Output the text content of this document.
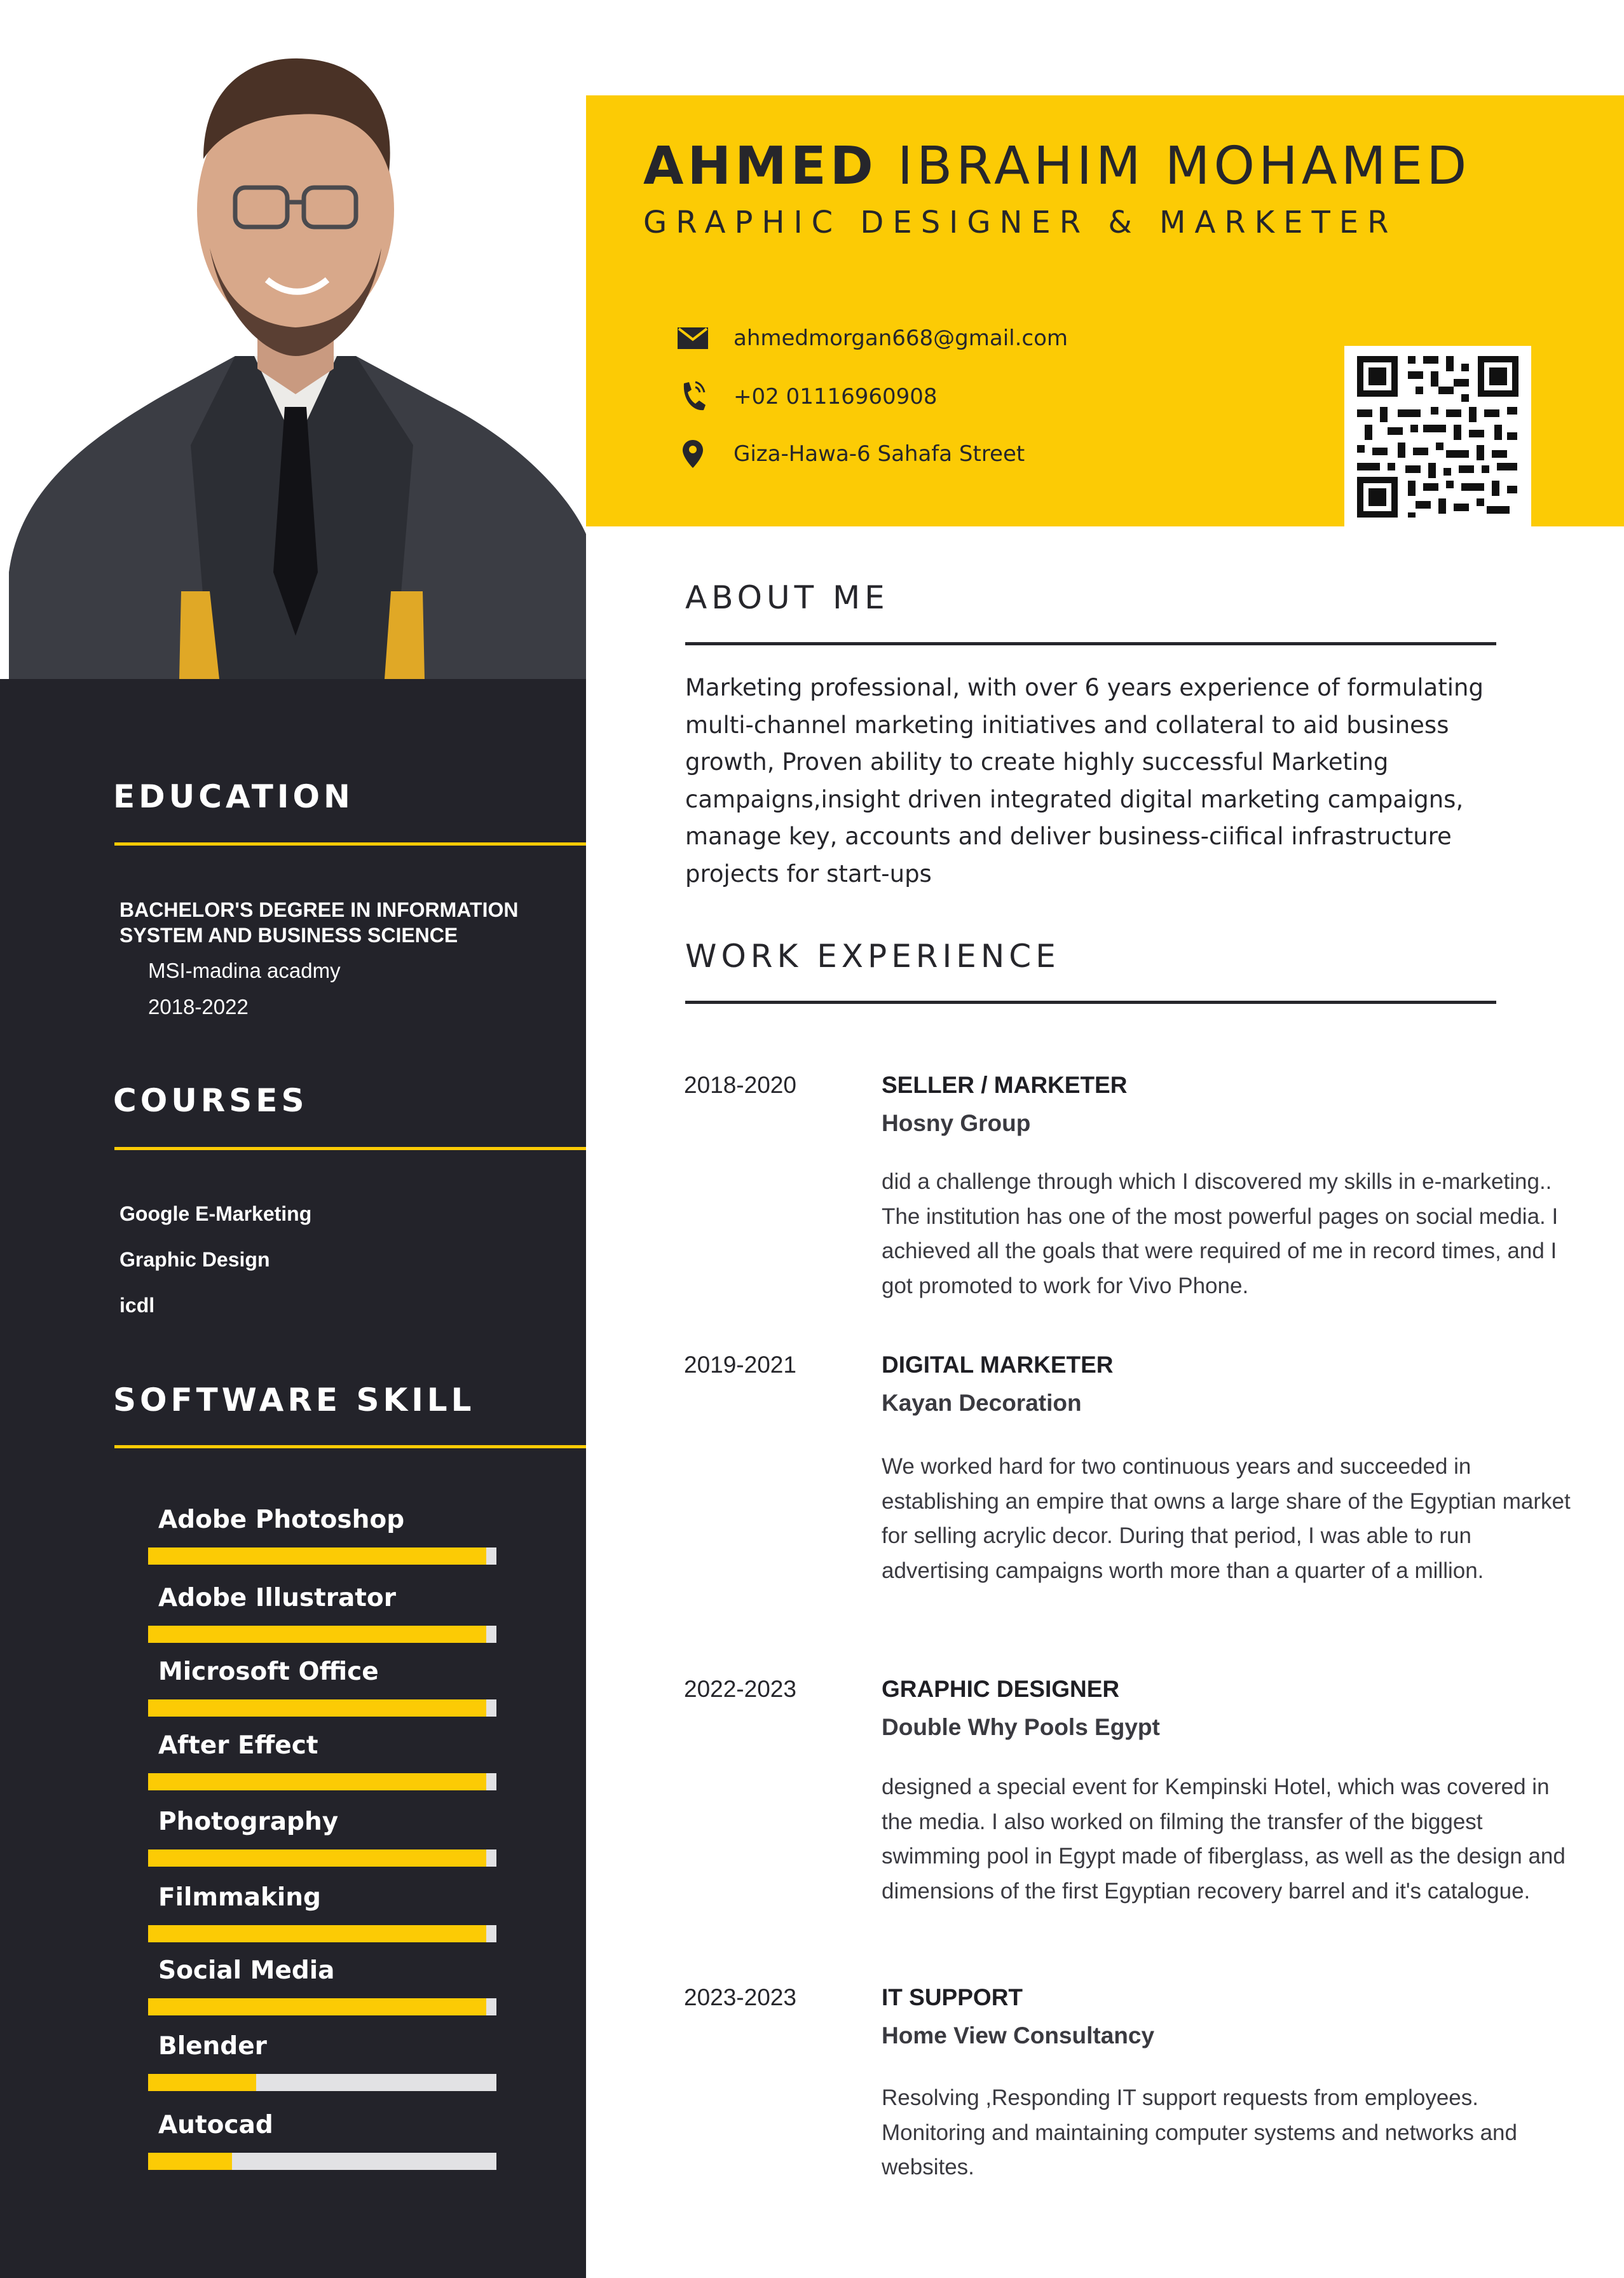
AHMED IBRAHIM MOHAMED
GRAPHIC DESIGNER & MARKETER
ahmedmorgan668@gmail.com
+02 01116960908
Giza-Hawa-6 Sahafa Street
EDUCATION
BACHELOR'S DEGREE IN INFORMATION SYSTEM AND BUSINESS SCIENCE
MSI-madina acadmy
2018-2022
COURSES
Google E-Marketing
Graphic Design
icdl
SOFTWARE SKILL
Adobe Photoshop
Adobe Illustrator
Microsoft Office
After Effect
Photography
Filmmaking
Social Media
Blender
Autocad
ABOUT ME
Marketing professional, with over 6 years experience of formulating multi-channel marketing initiatives and collateral to aid business growth, Proven ability to create highly successful Marketing campaigns,insight driven integrated digital marketing campaigns, manage key, accounts and deliver business-ciifical infrastructure projects for start-ups
WORK EXPERIENCE
2018-2020	SELLER / MARKETER
Hosny Group
did a challenge through which I discovered my skills in e-marketing.. The institution has one of the most powerful pages on social media. I achieved all the goals that were required of me in record times, and I got promoted to work for Vivo Phone.
2019-2021	DIGITAL MARKETER
Kayan Decoration
We worked hard for two continuous years and succeeded in establishing an empire that owns a large share of the Egyptian market for selling acrylic decor. During that period, I was able to run advertising campaigns worth more than a quarter of a million.
2022-2023	GRAPHIC DESIGNER
Double Why Pools Egypt
designed a special event for Kempinski Hotel, which was covered in the media. I also worked on filming the transfer of the biggest swimming pool in Egypt made of fiberglass, as well as the design and dimensions of the first Egyptian recovery barrel and it's catalogue.
2023-2023	IT SUPPORT
Home View Consultancy
Resolving ,Responding IT support requests from employees. Monitoring and maintaining computer systems and networks and websites.
